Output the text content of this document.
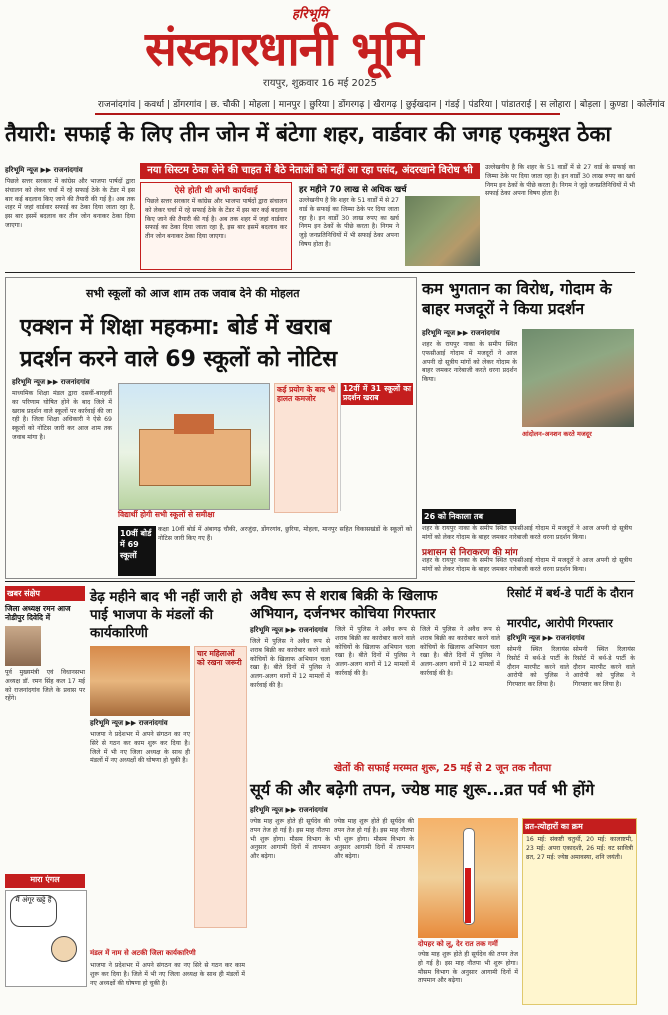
हरिभूमि
संस्कारधानी भूमि
रायपुर, शुक्रवार 16 मई 2025
राजनांदगांव | कवर्धा | डोंगरगांव | छ. चौकी | मोहला | मानपुर | छुरिया | डोंगरगढ़ | खैरागढ़ | छुईखदान | गंडई | पंडरिया | पांडातराई | स लोहारा | बोड़ला | कुण्डा | कोलेंगांव
तैयारी: सफाई के लिए तीन जोन में बंटेगा शहर, वार्डवार की जगह एकमुश्त ठेका
नया सिस्टम ठेका लेने की चाहत में बैठे नेताओं को नहीं आ रहा पसंद, अंदरखाने विरोध भी
हरिभूमि न्यूज ▶▶ राजनांदगांव
पिछले सत्तर सरकार में कांग्रेस और भाजपा पार्षदों द्वारा संचालन को लेकर चर्चा में रहे सफाई ठेके के टेंडर में इस बार कई बदलाव किए जाने की तैयारी की गई है। अब तक शहर में जहां वार्डवार सफाई का ठेका दिया जाता रहा है, इस बार इसमें बदलाव कर तीन जोन बनाकर ठेका दिया जाएगा।
ऐसे होती थी अभी कार्यवाई
पिछले सत्तर सरकार में कांग्रेस और भाजपा पार्षदों द्वारा संचालन को लेकर चर्चा में रहे सफाई ठेके के टेंडर में इस बार कई बदलाव किए जाने की तैयारी की गई है। अब तक शहर में जहां वार्डवार सफाई का ठेका दिया जाता रहा है, इस बार इसमें बदलाव कर तीन जोन बनाकर ठेका दिया जाएगा।
हर महीने 70 लाख से अधिक खर्च
उल्लेखनीय है कि शहर के 51 वार्डों में से 27 वार्ड के सफाई का जिम्मा ठेके पर दिया जाता रहा है। इन वार्डों 30 लाख रुपए का खर्च निगम इन ठेकों के पीछे करता है। निगम ने जुड़े जनप्रतिनिधियों में भी सफाई ठेका अपना विषय होता है।
उल्लेखनीय है कि शहर के 51 वार्डों में से 27 वार्ड के सफाई का जिम्मा ठेके पर दिया जाता रहा है। इन वार्डों 30 लाख रुपए का खर्च निगम इन ठेकों के पीछे करता है। निगम ने जुड़े जनप्रतिनिधियों में भी सफाई ठेका अपना विषय होता है।
सभी स्कूलों को आज शाम तक जवाब देने की मोहलत
एक्शन में शिक्षा महकमा: बोर्ड में खराब
प्रदर्शन करने वाले 69 स्कूलों को नोटिस
हरिभूमि न्यूज ▶▶ राजनांदगांव
माध्यमिक शिक्षा मंडल द्वारा दसवीं-बारहवीं का परिणाम घोषित होने के बाद जिले में खराब प्रदर्शन वाले स्कूलों पर कार्रवाई की जा रही है। जिला शिक्षा अधिकारी ने ऐसे 69 स्कूलों को नोटिस जारी कर आज शाम तक जवाब मांगा है।
कई प्रयोग के बाद भी हालत कमजोर
12वीं में 31 स्कूलों का प्रदर्शन खराब
विद्यार्थी होगी सभी स्कूलों से समीक्षा
10वीं बोर्ड में 69 स्कूलों
कक्षा 10वीं बोर्ड में अंबागढ़ चौकी, अरजुंदा, डोंगरगांव, छुरिया, मोहला, मानपुर सहित विकासखंडों के स्कूलों को नोटिस जारी किए गए हैं।
कम भुगतान का विरोध, गोदाम के बाहर मजदूरों ने किया प्रदर्शन
हरिभूमि न्यूज ▶▶ राजनांदगांव
शहर के रायपुर नाका के समीप स्थित एफसीआई गोदाम में मजदूरों ने आज अपनी दो सूत्रीय मांगों को लेकर गोदाम के बाहर जमकर नारेबाजी करते धरना प्रदर्शन किया।
आंदोलन-अनशन करते मजदूर
26 को निकाला तब
शहर के रायपुर नाका के समीप स्थित एफसीआई गोदाम में मजदूरों ने आज अपनी दो सूत्रीय मांगों को लेकर गोदाम के बाहर जमकर नारेबाजी करते धरना प्रदर्शन किया।
प्रशासन से निराकरण की मांग
शहर के रायपुर नाका के समीप स्थित एफसीआई गोदाम में मजदूरों ने आज अपनी दो सूत्रीय मांगों को लेकर गोदाम के बाहर जमकर नारेबाजी करते धरना प्रदर्शन किया।
खबर संक्षेप
जिला अध्यक्ष रमन आज नोडीपुर दिवेदि में
पूर्व मुख्यमंत्री एवं विधानसभा अध्यक्ष डॉ. रमन सिंह कल 17 मई को राजनांदगांव जिले के प्रवास पर रहेंगे।
मारा एंगल
मैं अंगूर खट्टे हैं
डेढ़ महीने बाद भी नहीं जारी हो पाई भाजपा के मंडलों की कार्यकारिणी
हरिभूमि न्यूज ▶▶ राजनांदगांव
भाजपा ने प्रदेशभर में अपने संगठन का नए सिरे से गठन कर काम शुरू कर दिया है। जिले में भी नए जिला अध्यक्ष के साथ ही मंडलों में नए अध्यक्षों की घोषणा हो चुकी है।
चार महिलाओं को रखना जरूरी
मंडल में नाम से अटकी जिला कार्यकारिणी
भाजपा ने प्रदेशभर में अपने संगठन का नए सिरे से गठन कर काम शुरू कर दिया है। जिले में भी नए जिला अध्यक्ष के साथ ही मंडलों में नए अध्यक्षों की घोषणा हो चुकी है।
अवैध रूप से शराब बिक्री के खिलाफ
अभियान, दर्जनभर कोचिया गिरफ्तार
हरिभूमि न्यूज ▶▶ राजनांदगांव
जिले में पुलिस ने अवैध रूप से शराब बिक्री का कारोबार करने वाले कोचियों के खिलाफ अभियान चला रखा है। बीते दिनों में पुलिस ने अलग-अलग थानों में 12 मामलों में कार्रवाई की है।
जिले में पुलिस ने अवैध रूप से शराब बिक्री का कारोबार करने वाले कोचियों के खिलाफ अभियान चला रखा है। बीते दिनों में पुलिस ने अलग-अलग थानों में 12 मामलों में कार्रवाई की है।
जिले में पुलिस ने अवैध रूप से शराब बिक्री का कारोबार करने वाले कोचियों के खिलाफ अभियान चला रखा है। बीते दिनों में पुलिस ने अलग-अलग थानों में 12 मामलों में कार्रवाई की है।
रिसोर्ट में बर्थ-डे पार्टी के दौरान
मारपीट, आरोपी गिरफ्तार
हरिभूमि न्यूज ▶▶ राजनांदगांव
सोमनी स्थित रिलायंस रिसोर्ट में बर्थ-डे पार्टी के दौरान मारपीट करने वाले आरोपी को पुलिस ने गिरफ्तार कर लिया है।
सोमनी स्थित रिलायंस रिसोर्ट में बर्थ-डे पार्टी के दौरान मारपीट करने वाले आरोपी को पुलिस ने गिरफ्तार कर लिया है।
खेतों की सफाई मरम्मत शुरू, 25 मई से 2 जून तक नौतपा
सूर्य की और बढ़ेगी तपन, ज्येष्ठ माह शुरू...व्रत पर्व भी होंगे
हरिभूमि न्यूज ▶▶ राजनांदगांव
ज्येष्ठ माह शुरू होते ही सूर्यदेव की तपन तेज हो गई है। इस माह नौतपा भी शुरू होगा। मौसम विभाग के अनुसार आगामी दिनों में तापमान और बढ़ेगा।
ज्येष्ठ माह शुरू होते ही सूर्यदेव की तपन तेज हो गई है। इस माह नौतपा भी शुरू होगा। मौसम विभाग के अनुसार आगामी दिनों में तापमान और बढ़ेगा।
दोपहर को लू, देर रात तक गर्मी
ज्येष्ठ माह शुरू होते ही सूर्यदेव की तपन तेज हो गई है। इस माह नौतपा भी शुरू होगा। मौसम विभाग के अनुसार आगामी दिनों में तापमान और बढ़ेगा।
व्रत-त्योहारों का क्रम
16 मई: संकष्टी चतुर्थी, 20 मई: कालाष्टमी, 23 मई: अपरा एकादशी, 26 मई: वट सावित्री व्रत, 27 मई: ज्येष्ठ अमावस्या, शनि जयंती।
